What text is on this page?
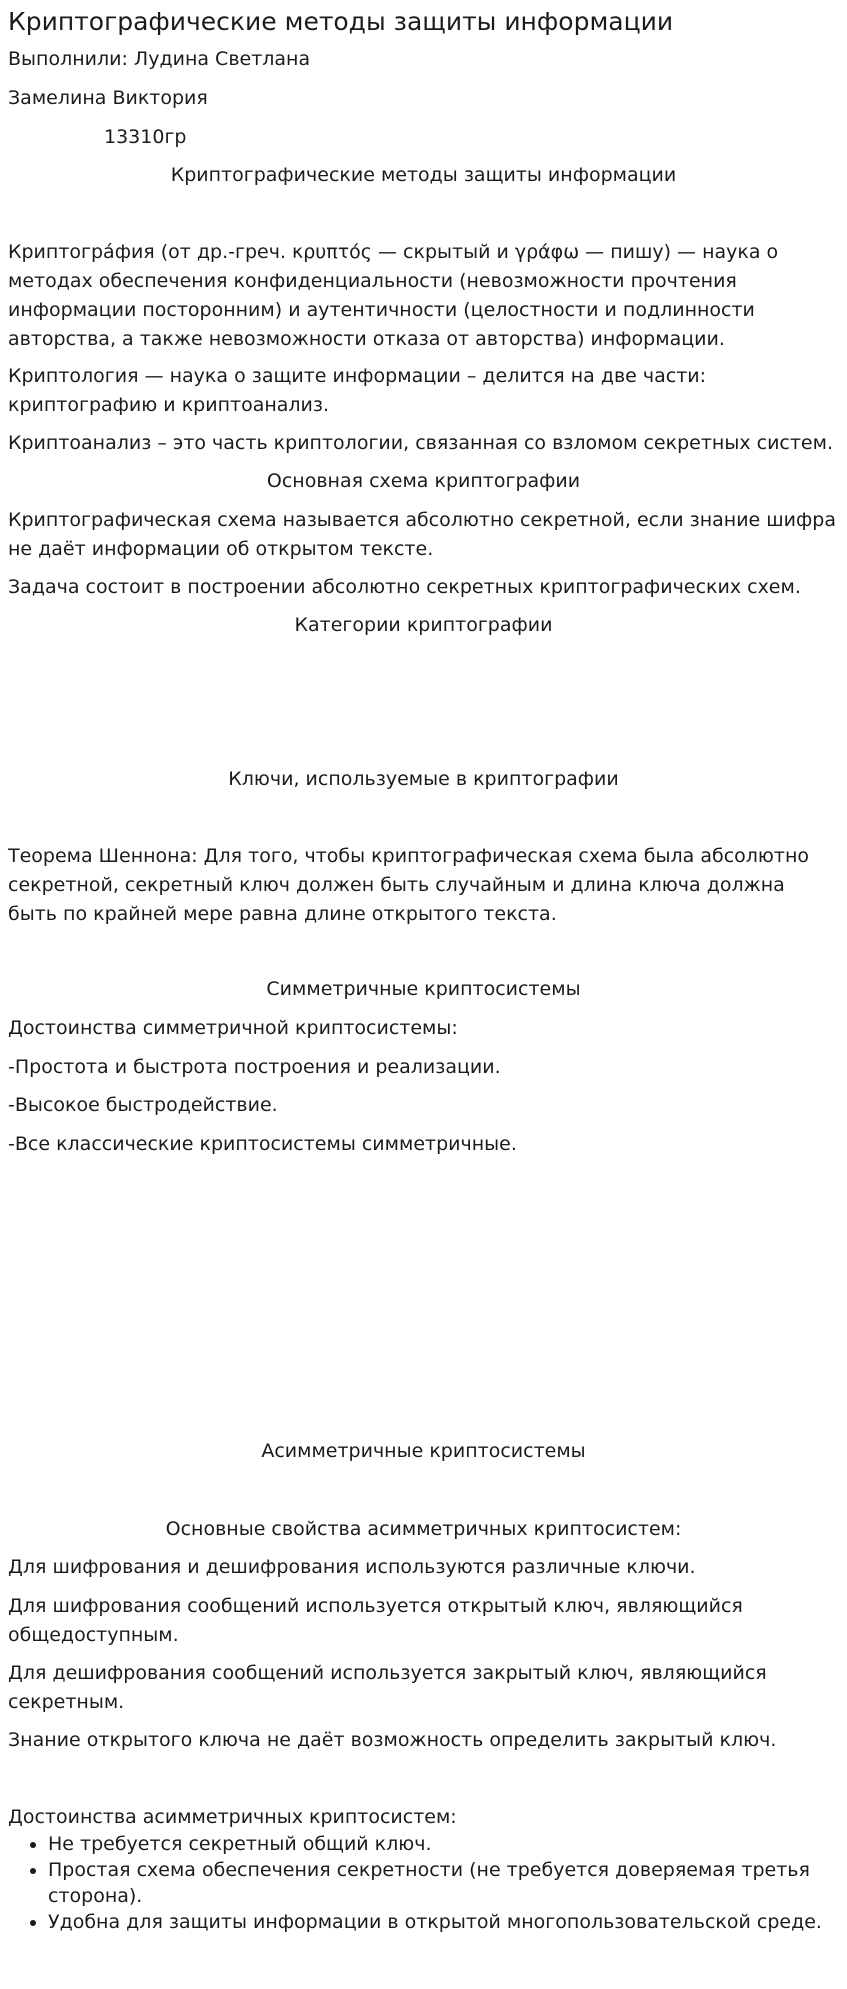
Криптографические методы защиты информации
Выполнили: Лудина Светлана
Замелина Виктория
13310гр
Криптографические методы защиты информации
Криптогра́фия (от др.-греч. κρυπτός — скрытый и γράφω — пишу) — наука о методах обеспечения конфиденциальности (невозможности прочтения информации посторонним) и аутентичности (целостности и подлинности авторства, а также невозможности отказа от авторства) информации.
Криптология — наука о защите информации – делится на две части: криптографию и криптоанализ.
Криптоанализ – это часть криптологии, связанная со взломом секретных систем.
Основная схема криптографии
Криптографическая схема называется абсолютно секретной, если знание шифра не даёт информации об открытом тексте.
Задача состоит в построении абсолютно секретных криптографических схем.
Категории криптографии
Ключи, используемые в криптографии
Теорема Шеннона: Для того, чтобы криптографическая схема была абсолютно секретной, секретный ключ должен быть случайным и длина ключа должна быть по крайней мере равна длине открытого текста.
Симметричные криптосистемы
Достоинства симметричной криптосистемы:
-Простота и быстрота построения и реализации.
-Высокое быстродействие.
-Все классические криптосистемы симметричные.
Асимметричные криптосистемы
Основные свойства асимметричных криптосистем:
Для шифрования и дешифрования используются различные ключи.
Для шифрования сообщений используется открытый ключ, являющийся общедоступным.
Для дешифрования сообщений используется закрытый ключ, являющийся секретным.
Знание открытого ключа не даёт возможность определить закрытый ключ.
Достоинства асимметричных криптосистем:
• Не требуется секретный общий ключ.
• Простая схема обеспечения секретности (не требуется доверяемая третья сторона).
• Удобна для защиты информации в открытой многопользовательской среде.
